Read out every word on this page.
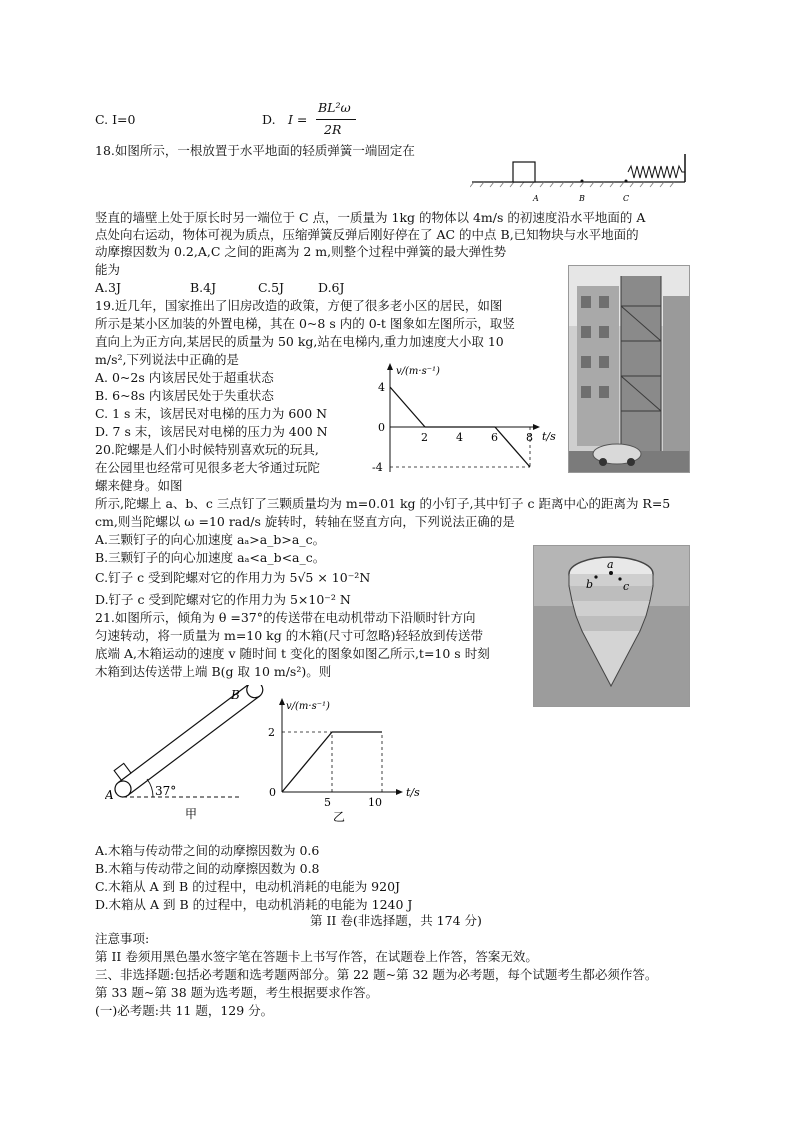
C. I=0	D. I =
BL²ω
2R
18.如图所示，一根放置于水平地面的轻质弹簧一端固定在
A	B	C
竖直的墙壁上处于原长时另一端位于 C 点，一质量为 1kg 的物体以 4m/s 的初速度沿水平地面的 A
点处向右运动，物体可视为质点，压缩弹簧反弹后刚好停在了 AC 的中点 B,已知物块与水平地面的
动摩擦因数为 0.2,A,C 之间的距离为 2 m,则整个过程中弹簧的最大弹性势
能为
A.3J	B.4J	C.5J	D.6J
19.近几年，国家推出了旧房改造的政策，方便了很多老小区的居民，如图
所示是某小区加装的外置电梯，其在 0~8 s 内的 0-t 图象如左图所示，取竖
直向上为正方向,某居民的质量为 50 kg,站在电梯内,重力加速度大小取 10
m/s²,下列说法中正确的是
A. 0~2s 内该居民处于超重状态
B. 6~8s 内该居民处于失重状态
C. 1 s 末，该居民对电梯的压力为 600 N
D. 7 s 末，该居民对电梯的压力为 400 N
v/(m·s⁻¹)
t/s
4
0
-4
2	4	6	8
20.陀螺是人们小时候特别喜欢玩的玩具,
在公园里也经常可见很多老大爷通过玩陀
螺来健身。如图
所示,陀螺上 a、b、c 三点钉了三颗质量均为 m=0.01 kg 的小钉子,其中钉子 c 距离中心的距离为 R=5
cm,则当陀螺以 ω =10 rad/s 旋转时，转轴在竖直方向，下列说法正确的是
A.三颗钉子的向心加速度 aₐ>a_b>a_c。
B.三颗钉子的向心加速度 aₐ<a_b<a_c。
C.钉子 c 受到陀螺对它的作用力为 5√5 × 10⁻²N
D.钉子 c 受到陀螺对它的作用力为 5×10⁻² N
a
b	c
21.如图所示，倾角为 θ =37°的传送带在电动机带动下沿顺时针方向
匀速转动，将一质量为 m=10 kg 的木箱(尺寸可忽略)轻轻放到传送带
底端 A,木箱运动的速度 v 随时间 t 变化的图象如图乙所示,t=10 s 时刻
木箱到达传送带上端 B(g 取 10 m/s²)。则
A
B
37°
甲
v/(m·s⁻¹)
t/s
2
0
5	10
乙
A.木箱与传动带之间的动摩擦因数为 0.6
B.木箱与传动带之间的动摩擦因数为 0.8
C.木箱从 A 到 B 的过程中，电动机消耗的电能为 920J
D.木箱从 A 到 B 的过程中，电动机消耗的电能为 1240 J
第 II 卷(非选择题，共 174 分)
注意事项:
第 II 卷须用黑色墨水签字笔在答题卡上书写作答，在试题卷上作答，答案无效。
三、非选择题:包括必考题和选考题两部分。第 22 题~第 32 题为必考题，每个试题考生都必须作答。
第 33 题~第 38 题为选考题，考生根据要求作答。
(一)必考题:共 11 题，129 分。
